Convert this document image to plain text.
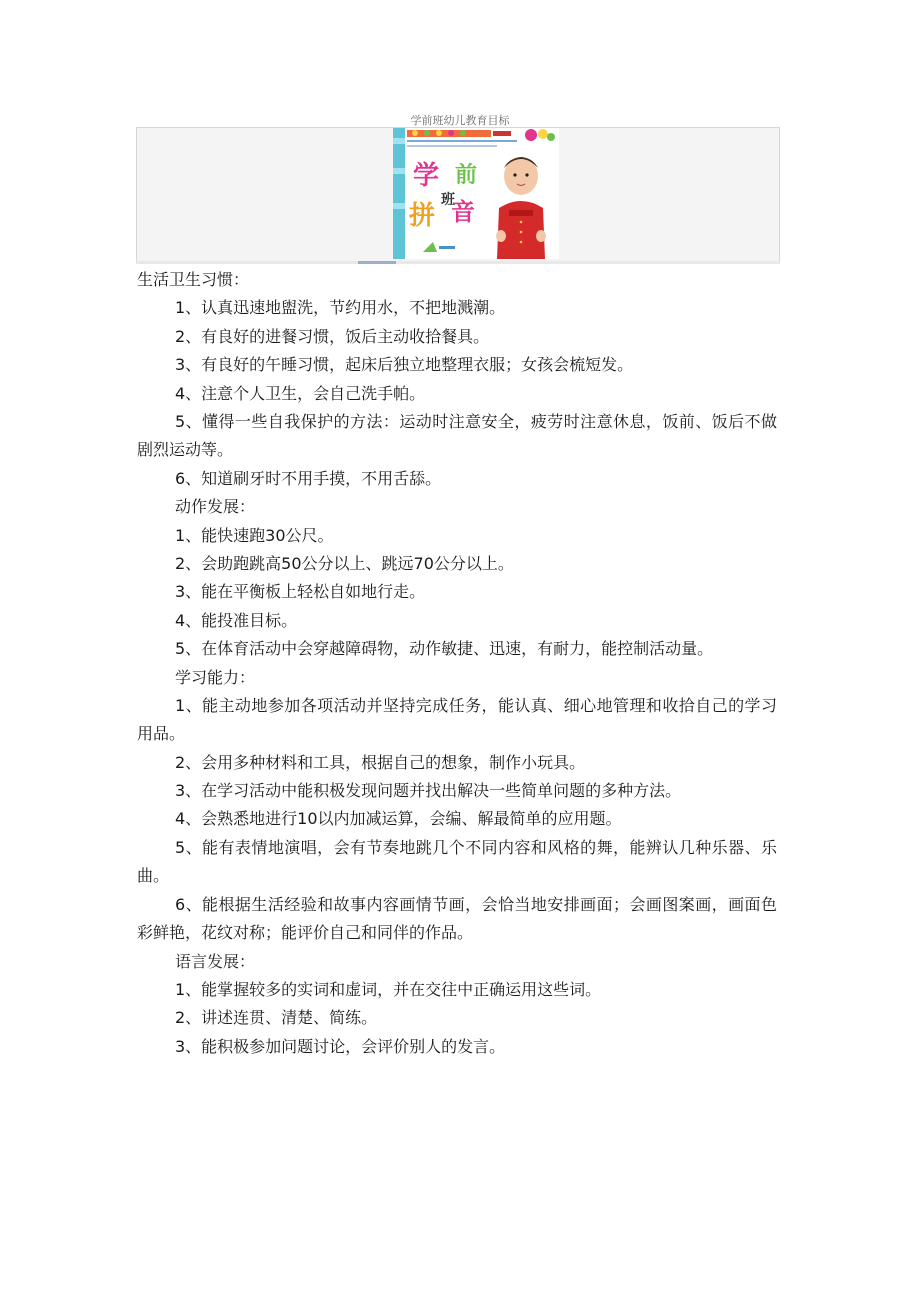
学前班幼儿教育目标
学 前
班
拼 音
生活卫生习惯：
1、认真迅速地盥洗，节约用水，不把地溅潮。
2、有良好的进餐习惯，饭后主动收拾餐具。
3、有良好的午睡习惯，起床后独立地整理衣服；女孩会梳短发。
4、注意个人卫生，会自己洗手帕。
5、懂得一些自我保护的方法：运动时注意安全，疲劳时注意休息，饭前、饭后不做剧烈运动等。
6、知道刷牙时不用手摸，不用舌舔。
动作发展：
1、能快速跑30公尺。
2、会助跑跳高50公分以上、跳远70公分以上。
3、能在平衡板上轻松自如地行走。
4、能投准目标。
5、在体育活动中会穿越障碍物，动作敏捷、迅速，有耐力，能控制活动量。
学习能力：
1、能主动地参加各项活动并坚持完成任务，能认真、细心地管理和收拾自己的学习用品。
2、会用多种材料和工具，根据自己的想象，制作小玩具。
3、在学习活动中能积极发现问题并找出解决一些简单问题的多种方法。
4、会熟悉地进行10以内加减运算，会编、解最简单的应用题。
5、能有表情地演唱，会有节奏地跳几个不同内容和风格的舞，能辨认几种乐器、乐曲。
6、能根据生活经验和故事内容画情节画，会恰当地安排画面；会画图案画，画面色彩鲜艳，花纹对称；能评价自己和同伴的作品。
语言发展：
1、能掌握较多的实词和虚词，并在交往中正确运用这些词。
2、讲述连贯、清楚、简练。
3、能积极参加问题讨论，会评价别人的发言。
